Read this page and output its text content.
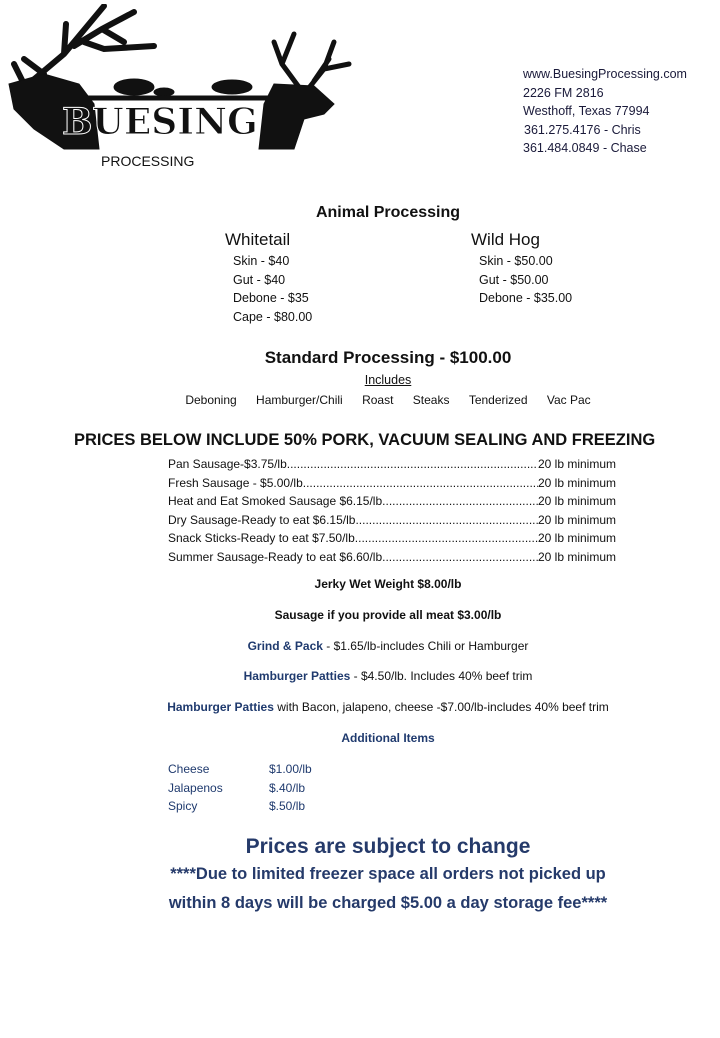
BUESING
PROCESSING
www.BuesingProcessing.com
2226 FM 2816
Westhoff, Texas 77994
361.275.4176 - Chris
361.484.0849 - Chase
Animal Processing
Whitetail
Skin - $40
Gut - $40
Debone - $35
Cape - $80.00
Wild Hog
Skin - $50.00
Gut - $50.00
Debone - $35.00
Standard Processing - $100.00
Includes
Deboning Hamburger/Chili Roast Steaks Tenderized Vac Pac
PRICES BELOW INCLUDE 50% PORK, VACUUM SEALING AND FREEZING
Pan Sausage-$3.75/lb .....	20 lb minimum
Fresh Sausage - $5.00/lb .....	20 lb minimum
Heat and Eat Smoked Sausage $6.15/lb .....	20 lb minimum
Dry Sausage-Ready to eat $6.15/lb .....	20 lb minimum
Snack Sticks-Ready to eat $7.50/lb .....	20 lb minimum
Summer Sausage-Ready to eat $6.60/lb .....	20 lb minimum
Jerky Wet Weight $8.00/lb
Sausage if you provide all meat $3.00/lb
Grind & Pack - $1.65/lb-includes Chili or Hamburger
Hamburger Patties - $4.50/lb. Includes 40% beef trim
Hamburger Patties with Bacon, jalapeno, cheese -$7.00/lb-includes 40% beef trim
Additional Items
Cheese	$1.00/lb
Jalapenos	$.40/lb
Spicy	$.50/lb
Prices are subject to change
****Due to limited freezer space all orders not picked up
within 8 days will be charged $5.00 a day storage fee****
